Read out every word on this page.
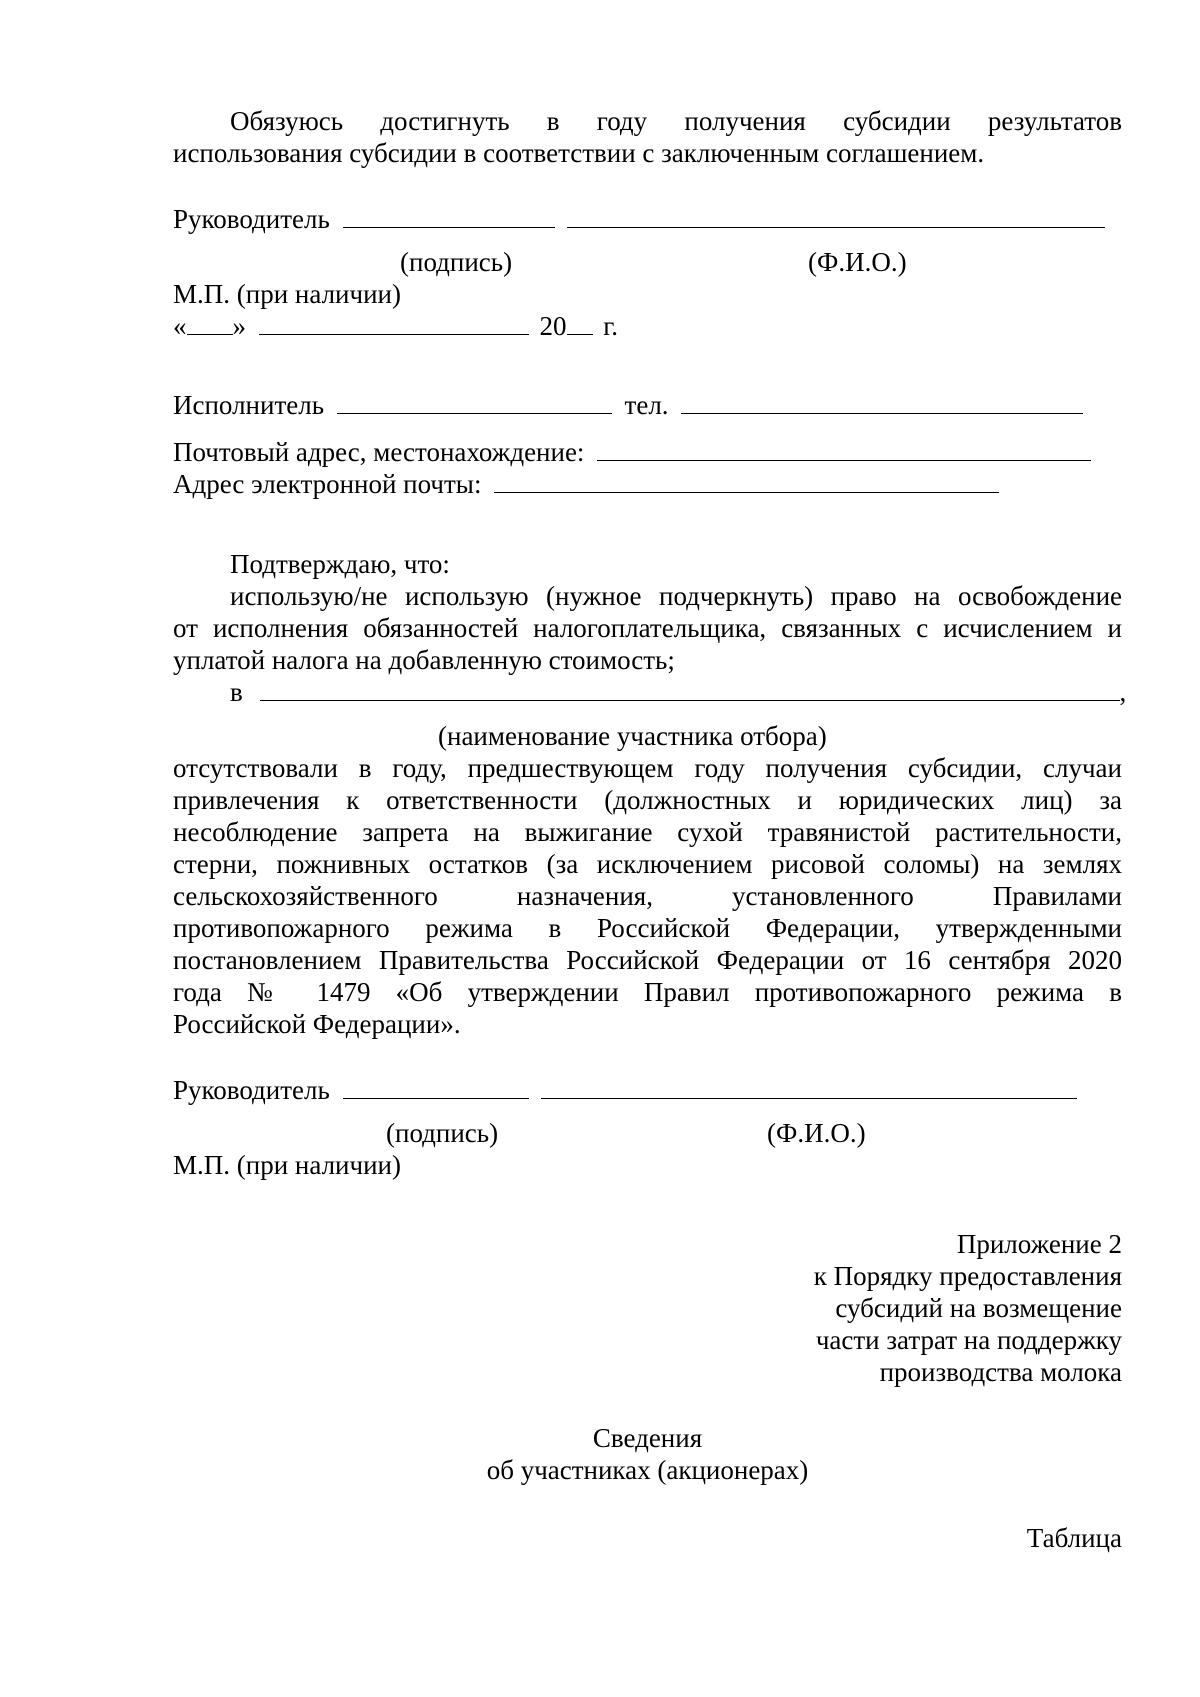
Обязуюсь достигнуть в году получения субсидии результатов
использования субсидии в соответствии с заключенным соглашением.
Руководитель
(подпись)	(Ф.И.О.)
М.П. (при наличии)
« »	20 г.
Исполнитель	тел.
Почтовый адрес, местонахождение:
Адрес электронной почты:
Подтверждаю, что:
использую/не использую (нужное подчеркнуть) право на освобождение
от исполнения обязанностей налогоплательщика, связанных с исчислением и
уплатой налога на добавленную стоимость;
в	,
(наименование участника отбора)
отсутствовали в году, предшествующем году получения субсидии, случаи
привлечения к ответственности (должностных и юридических лиц) за
несоблюдение запрета на выжигание сухой травянистой растительности,
стерни, пожнивных остатков (за исключением рисовой соломы) на землях
сельскохозяйственного назначения, установленного Правилами
противопожарного режима в Российской Федерации, утвержденными
постановлением Правительства Российской Федерации от 16 сентября 2020
года № 1479 «Об утверждении Правил противопожарного режима в
Российской Федерации».
Руководитель
(подпись)	(Ф.И.О.)
М.П. (при наличии)
Приложение 2
к Порядку предоставления
субсидий на возмещение
части затрат на поддержку
производства молока
Сведения
об участниках (акционерах)
Таблица
